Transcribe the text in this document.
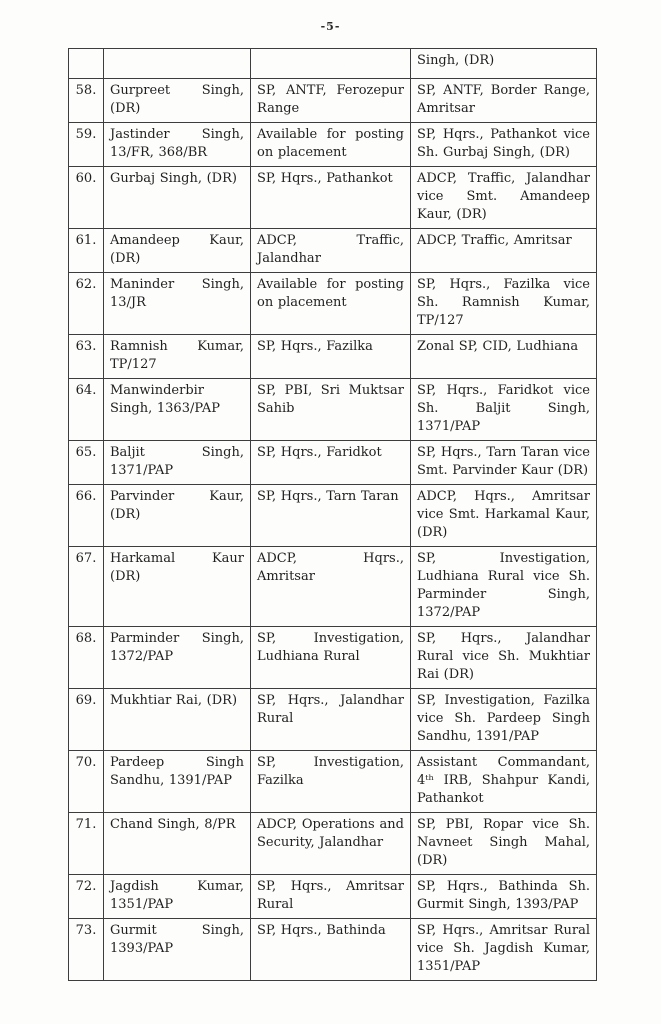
-5-
			Singh, (DR)
58.	Gurpreet Singh, (DR)	SP, ANTF, Ferozepur Range	SP, ANTF, Border Range, Amritsar
59.	Jastinder Singh, 13/FR, 368/BR	Available for posting on placement	SP, Hqrs., Pathankot vice Sh. Gurbaj Singh, (DR)
60.	Gurbaj Singh, (DR)	SP, Hqrs., Pathankot	ADCP, Traffic, Jalandhar vice Smt. Amandeep Kaur, (DR)
61.	Amandeep Kaur, (DR)	ADCP, Traffic, Jalandhar	ADCP, Traffic, Amritsar
62.	Maninder Singh, 13/JR	Available for posting on placement	SP, Hqrs., Fazilka vice Sh. Ramnish Kumar, TP/127
63.	Ramnish Kumar, TP/127	SP, Hqrs., Fazilka	Zonal SP, CID, Ludhiana
64.	Manwinderbir Singh, 1363/PAP	SP, PBI, Sri Muktsar Sahib	SP, Hqrs., Faridkot vice Sh. Baljit Singh, 1371/PAP
65.	Baljit Singh, 1371/PAP	SP, Hqrs., Faridkot	SP, Hqrs., Tarn Taran vice Smt. Parvinder Kaur (DR)
66.	Parvinder Kaur, (DR)	SP, Hqrs., Tarn Taran	ADCP, Hqrs., Amritsar vice Smt. Harkamal Kaur, (DR)
67.	Harkamal Kaur (DR)	ADCP, Hqrs., Amritsar	SP, Investigation, Ludhiana Rural vice Sh. Parminder Singh, 1372/PAP
68.	Parminder Singh, 1372/PAP	SP, Investigation, Ludhiana Rural	SP, Hqrs., Jalandhar Rural vice Sh. Mukhtiar Rai (DR)
69.	Mukhtiar Rai, (DR)	SP, Hqrs., Jalandhar Rural	SP, Investigation, Fazilka vice Sh. Pardeep Singh Sandhu, 1391/PAP
70.	Pardeep Singh Sandhu, 1391/PAP	SP, Investigation, Fazilka	Assistant Commandant, 4ᵗʰ IRB, Shahpur Kandi, Pathankot
71.	Chand Singh, 8/PR	ADCP, Operations and Security, Jalandhar	SP, PBI, Ropar vice Sh. Navneet Singh Mahal, (DR)
72.	Jagdish Kumar, 1351/PAP	SP, Hqrs., Amritsar Rural	SP, Hqrs., Bathinda Sh. Gurmit Singh, 1393/PAP
73.	Gurmit Singh, 1393/PAP	SP, Hqrs., Bathinda	SP, Hqrs., Amritsar Rural vice Sh. Jagdish Kumar, 1351/PAP
